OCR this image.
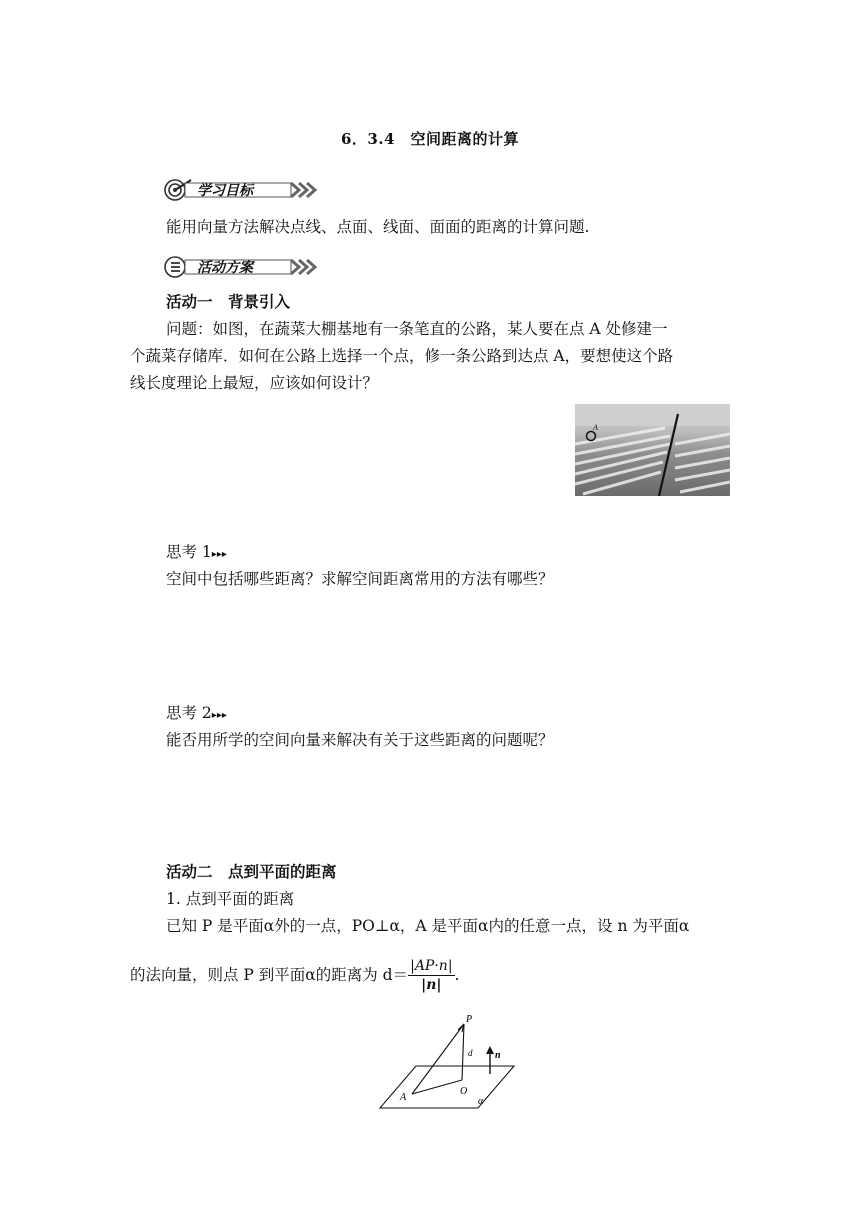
6．3.4　空间距离的计算
学习目标
能用向量方法解决点线、点面、线面、面面的距离的计算问题.
活动方案
活动一　背景引入
问题：如图，在蔬菜大棚基地有一条笔直的公路，某人要在点 A 处修建一
个蔬菜存储库．如何在公路上选择一个点，修一条公路到达点 A，要想使这个路
线长度理论上最短，应该如何设计？
A
思考 1▸▸▸
空间中包括哪些距离？求解空间距离常用的方法有哪些？
思考 2▸▸▸
能否用所学的空间向量来解决有关于这些距离的问题呢？
活动二　点到平面的距离
1. 点到平面的距离
已知 P 是平面α外的一点，PO⊥α，A 是平面α内的任意一点，设 n 为平面α
的法向量，则点 P 到平面α的距离为 $d= \frac{|AP\cdot n|}{|n|}$ .
P
d n
A
O
α
